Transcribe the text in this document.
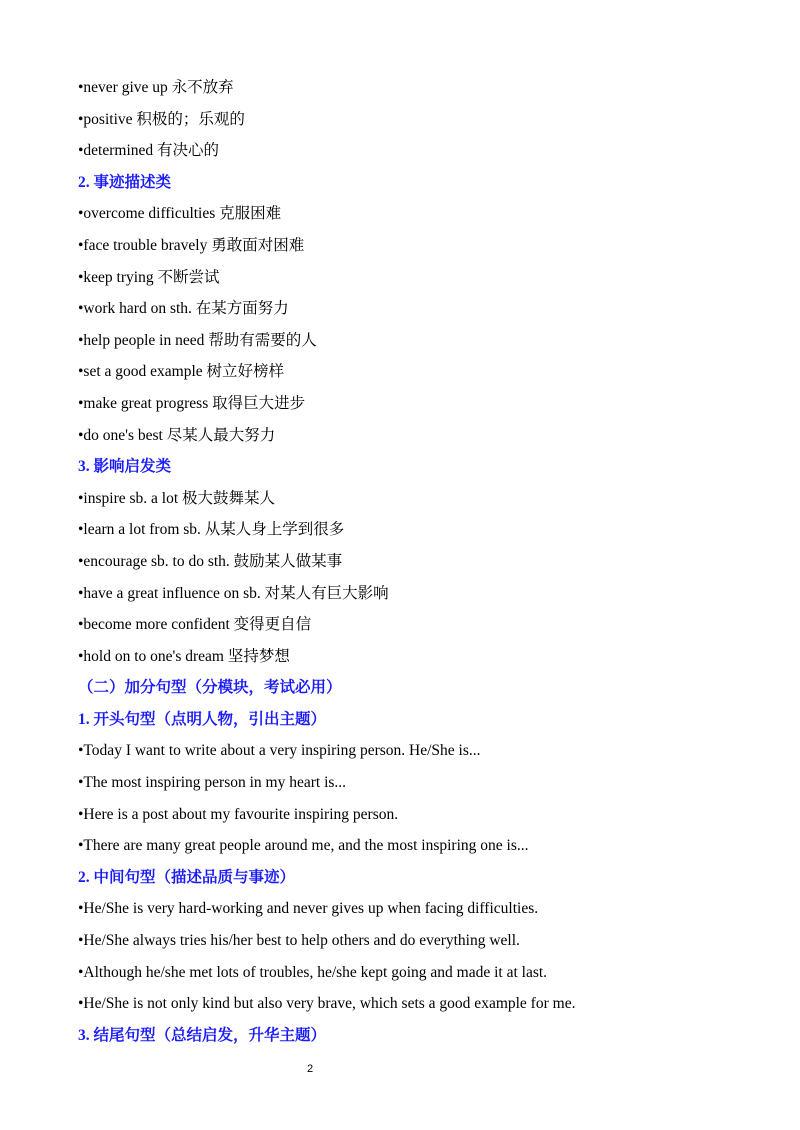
•never give up 永不放弃
•positive 积极的；乐观的
•determined 有决心的
2. 事迹描述类
•overcome difficulties 克服困难
•face trouble bravely 勇敢面对困难
•keep trying 不断尝试
•work hard on sth. 在某方面努力
•help people in need 帮助有需要的人
•set a good example 树立好榜样
•make great progress 取得巨大进步
•do one's best 尽某人最大努力
3. 影响启发类
•inspire sb. a lot 极大鼓舞某人
•learn a lot from sb. 从某人身上学到很多
•encourage sb. to do sth. 鼓励某人做某事
•have a great influence on sb. 对某人有巨大影响
•become more confident 变得更自信
•hold on to one's dream 坚持梦想
（二）加分句型（分模块，考试必用）
1. 开头句型（点明人物，引出主题）
•Today I want to write about a very inspiring person. He/She is...
•The most inspiring person in my heart is...
•Here is a post about my favourite inspiring person.
•There are many great people around me, and the most inspiring one is...
2. 中间句型（描述品质与事迹）
•He/She is very hard-working and never gives up when facing difficulties.
•He/She always tries his/her best to help others and do everything well.
•Although he/she met lots of troubles, he/she kept going and made it at last.
•He/She is not only kind but also very brave, which sets a good example for me.
3. 结尾句型（总结启发，升华主题）
2
